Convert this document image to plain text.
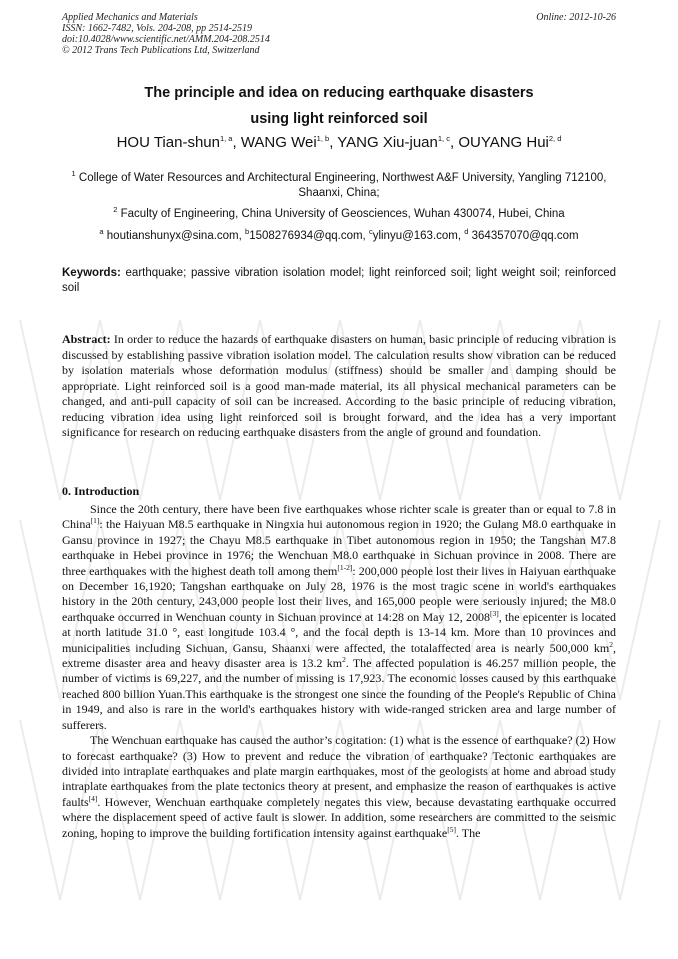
Applied Mechanics and Materials
ISSN: 1662-7482, Vols. 204-208, pp 2514-2519
doi:10.4028/www.scientific.net/AMM.204-208.2514
© 2012 Trans Tech Publications Ltd, Switzerland
Online: 2012-10-26
The principle and idea on reducing earthquake disasters
using light reinforced soil
HOU Tian-shun$^{1, a}$, WANG Wei$^{1, b}$, YANG Xiu-juan$^{1, c}$, OUYANG Hui$^{2, d}$
$^1$ College of Water Resources and Architectural Engineering, Northwest A&F University, Yangling 712100, Shaanxi, China;
$^2$ Faculty of Engineering, China University of Geosciences, Wuhan 430074, Hubei, China
$^a$ houtianshunyx@sina.com, $^b$1508276934@qq.com, $^c$ylinyu@163.com, $^d$ 364357070@qq.com
Keywords: earthquake; passive vibration isolation model; light reinforced soil; light weight soil; reinforced soil
Abstract: In order to reduce the hazards of earthquake disasters on human, basic principle of reducing vibration is discussed by establishing passive vibration isolation model. The calculation results show vibration can be reduced by isolation materials whose deformation modulus (stiffness) should be smaller and damping should be appropriate. Light reinforced soil is a good man-made material, its all physical mechanical parameters can be changed, and anti-pull capacity of soil can be increased. According to the basic principle of reducing vibration, reducing vibration idea using light reinforced soil is brought forward, and the idea has a very important significance for research on reducing earthquake disasters from the angle of ground and foundation.
0. Introduction

Since the 20th century, there have been five earthquakes whose richter scale is greater than or equal to 7.8 in China[1]: the Haiyuan M8.5 earthquake in Ningxia hui autonomous region in 1920; the Gulang M8.0 earthquake in Gansu province in 1927; the Chayu M8.5 earthquake in Tibet autonomous region in 1950; the Tangshan M7.8 earthquake in Hebei province in 1976; the Wenchuan M8.0 earthquake in Sichuan province in 2008. There are three earthquakes with the highest death toll among them[1-2]: 200,000 people lost their lives in Haiyuan earthquake on December 16,1920; Tangshan earthquake on July 28, 1976 is the most tragic scene in world's earthquakes history in the 20th century, 243,000 people lost their lives, and 165,000 people were seriously injured; the M8.0 earthquake occurred in Wenchuan county in Sichuan province at 14:28 on May 12, 2008[3], the epicenter is located at north latitude 31.0 °, east longitude 103.4 °, and the focal depth is 13-14 km. More than 10 provinces and municipalities including Sichuan, Gansu, Shaanxi were affected, the totalaffected area is nearly 500,000 $km^2$, extreme disaster area and heavy disaster area is 13.2 $km^2$. The affected population is 46.257 million people, the number of victims is 69,227, and the number of missing is 17,923. The economic losses caused by this earthquake reached 800 billion Yuan.This earthquake is the strongest one since the founding of the People's Republic of China in 1949, and also is rare in the world's earthquakes history with wide-ranged stricken area and large number of sufferers.

The Wenchuan earthquake has caused the author’s cogitation: (1) what is the essence of earthquake? (2) How to forecast earthquake? (3) How to prevent and reduce the vibration of earthquake? Tectonic earthquakes are divided into intraplate earthquakes and plate margin earthquakes, most of the geologists at home and abroad study intraplate earthquakes from the plate tectonics theory at present, and emphasize the reason of earthquakes is active faults[4]. However, Wenchuan earthquake completely negates this view, because devastating earthquake occurred where the displacement speed of active fault is slower. In addition, some researchers are committed to the seismic zoning, hoping to improve the building fortification intensity against earthquake[5]. The
